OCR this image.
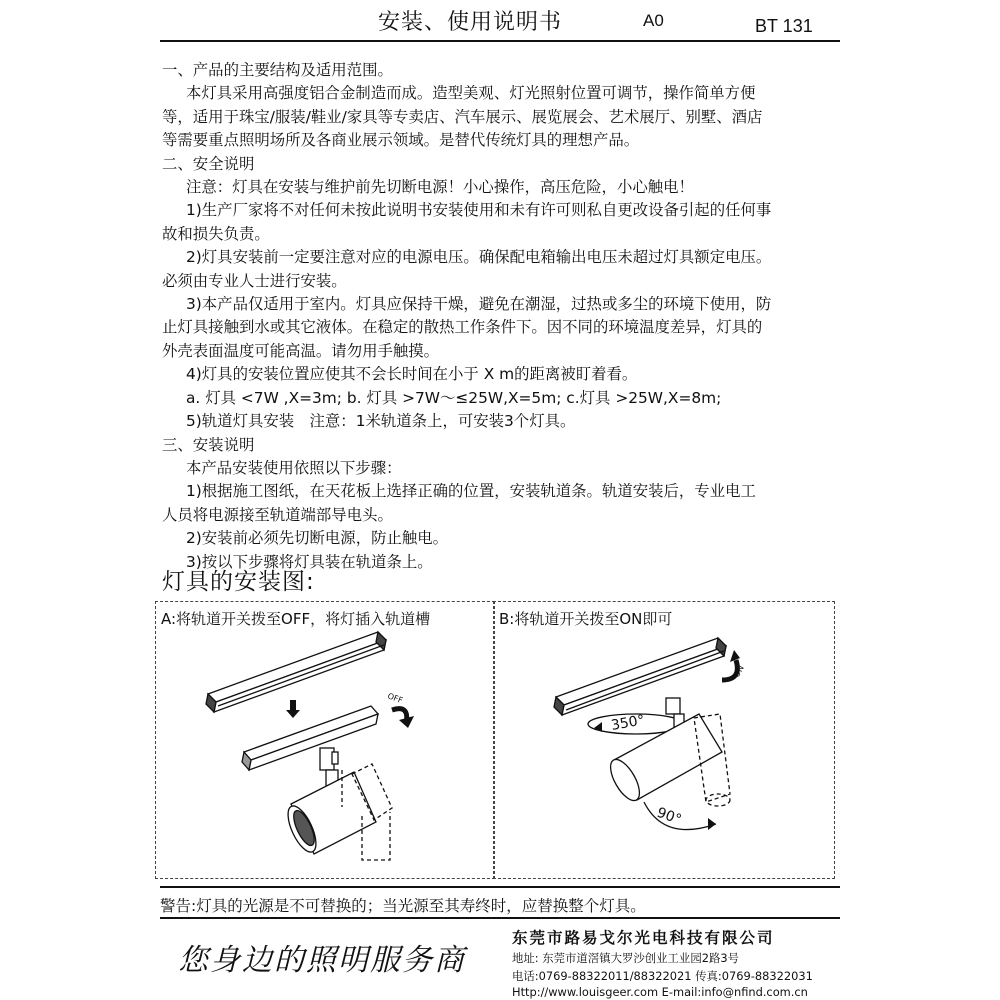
安装、使用说明书	A0	BT 131

一、产品的主要结构及适用范围。

本灯具采用高强度铝合金制造而成。造型美观、灯光照射位置可调节，操作简单方便

等，适用于珠宝/服装/鞋业/家具等专卖店、汽车展示、展览展会、艺术展厅、别墅、酒店

等需要重点照明场所及各商业展示领域。是替代传统灯具的理想产品。

二、安全说明

注意：灯具在安装与维护前先切断电源！小心操作，高压危险，小心触电！

1)生产厂家将不对任何未按此说明书安装使用和未有许可则私自更改设备引起的任何事

故和损失负责。

2)灯具安装前一定要注意对应的电源电压。确保配电箱输出电压未超过灯具额定电压。

必须由专业人士进行安装。

3)本产品仅适用于室内。灯具应保持干燥，避免在潮湿，过热或多尘的环境下使用，防

止灯具接触到水或其它液体。在稳定的散热工作条件下。因不同的环境温度差异，灯具的

外壳表面温度可能高温。请勿用手触摸。

4)灯具的安装位置应使其不会长时间在小于 X m的距离被盯着看。

a. 灯具 <7W ,X=3m; b. 灯具 >7W～≤25W,X=5m; c.灯具 >25W,X=8m;

5)轨道灯具安装　注意：1米轨道条上，可安装3个灯具。

三、安装说明

本产品安装使用依照以下步骤：

1)根据施工图纸，在天花板上选择正确的位置，安装轨道条。轨道安装后，专业电工

人员将电源接至轨道端部导电头。

2)安装前必须先切断电源，防止触电。

3)按以下步骤将灯具装在轨道条上。

灯具的安装图:
A:将轨道开关拨至OFF，将灯插入轨道槽
OFF
B:将轨道开关拨至ON即可
ON
350°
90°
警告:灯具的光源是不可替换的；当光源至其寿终时，应替换整个灯具。
您身边的照明服务商
东莞市路易戈尔光电科技有限公司
地址: 东莞市道滘镇大罗沙创业工业园2路3号
电话:0769-88322011/88322021 传真:0769-88322031
Http://www.louisgeer.com E-mail:info@nfind.com.cn
